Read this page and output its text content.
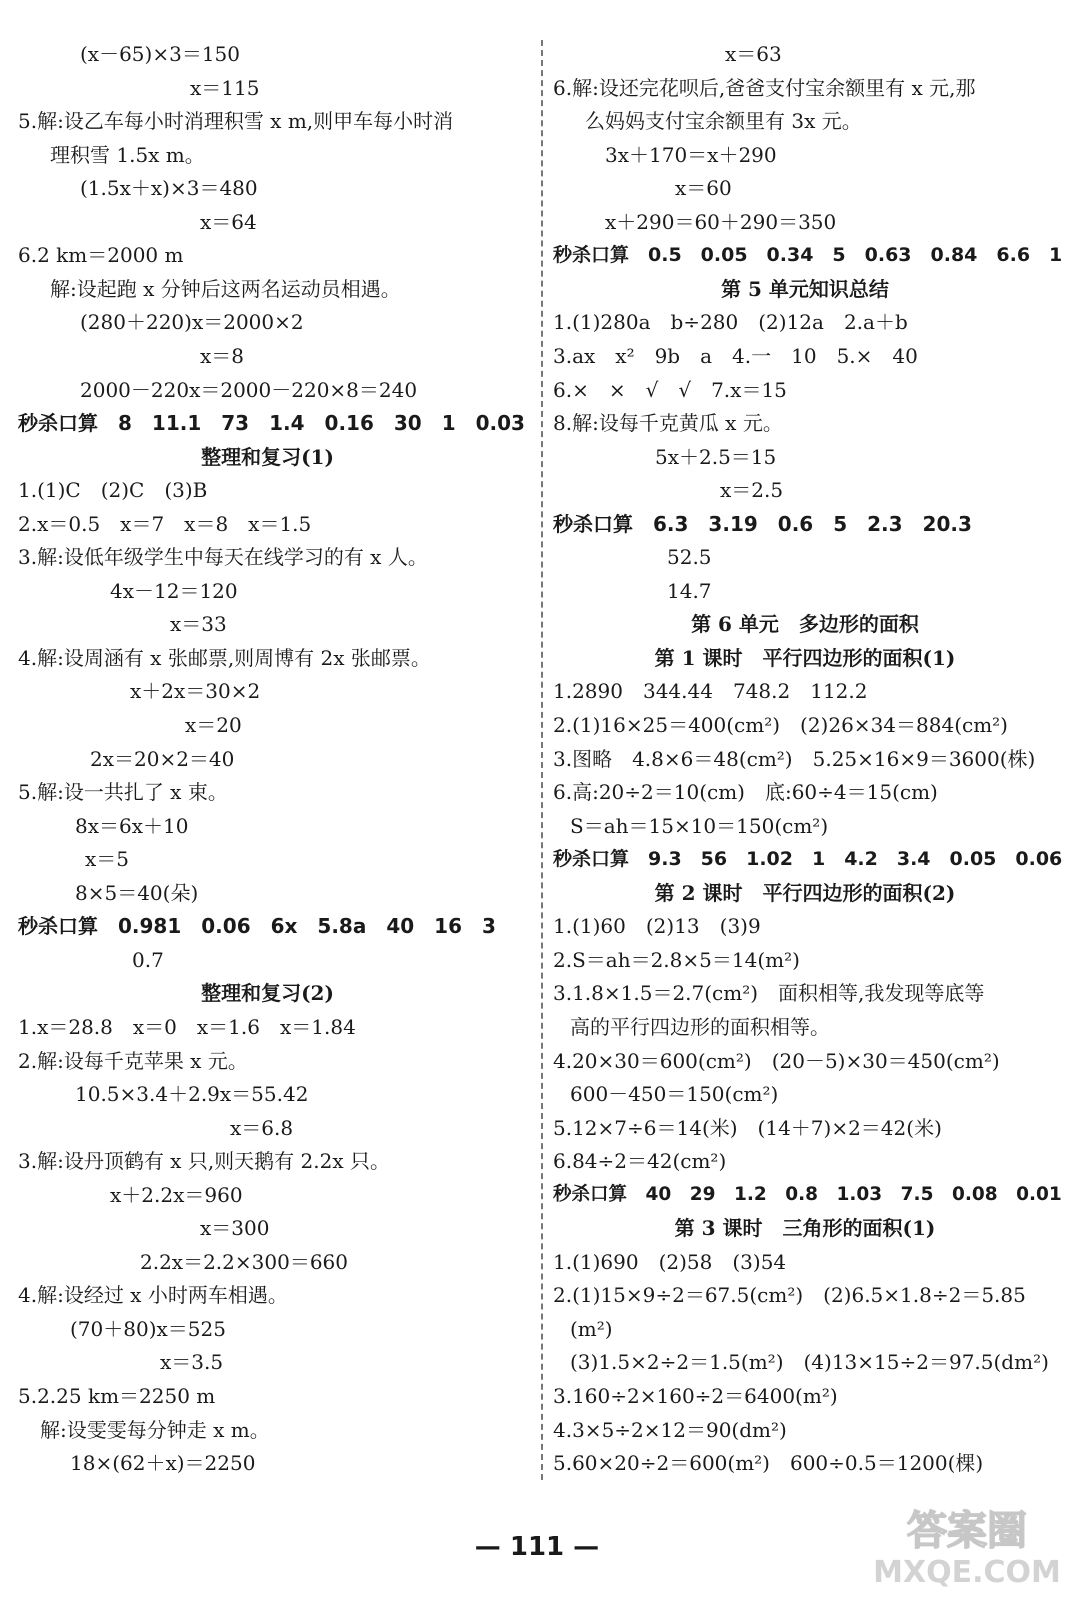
(x－65)×3＝150
x＝115
5.解:设乙车每小时消理积雪 x m,则甲车每小时消
理积雪 1.5x m。
(1.5x＋x)×3＝480
x＝64
6.2 km＝2000 m
解:设起跑 x 分钟后这两名运动员相遇。
(280＋220)x＝2000×2
x＝8
2000－220x＝2000－220×8＝240
秒杀口算　8　11.1　73　1.4　0.16　30　1　0.03
整理和复习(1)
1.(1)C　(2)C　(3)B
2.x＝0.5　x＝7　x＝8　x＝1.5
3.解:设低年级学生中每天在线学习的有 x 人。
4x－12＝120
x＝33
4.解:设周涵有 x 张邮票,则周博有 2x 张邮票。
x＋2x＝30×2
x＝20
2x＝20×2＝40
5.解:设一共扎了 x 束。
8x＝6x＋10
x＝5
8×5＝40(朵)
秒杀口算　0.981　0.06　6x　5.8a　40　16　3
0.7
整理和复习(2)
1.x＝28.8　x＝0　x＝1.6　x＝1.84
2.解:设每千克苹果 x 元。
10.5×3.4＋2.9x＝55.42
x＝6.8
3.解:设丹顶鹤有 x 只,则天鹅有 2.2x 只。
x＋2.2x＝960
x＝300
2.2x＝2.2×300＝660
4.解:设经过 x 小时两车相遇。
(70＋80)x＝525
x＝3.5
5.2.25 km＝2250 m
解:设雯雯每分钟走 x m。
18×(62＋x)＝2250
x＝63
6.解:设还完花呗后,爸爸支付宝余额里有 x 元,那
么妈妈支付宝余额里有 3x 元。
3x＋170＝x＋290
x＝60
x＋290＝60＋290＝350
秒杀口算　0.5　0.05　0.34　5　0.63　0.84　6.6　1
第 5 单元知识总结
1.(1)280a　b÷280　(2)12a　2.a＋b
3.ax　x²　9b　a　4.一　10　5.×　40
6.×　×　√　√　7.x＝15
8.解:设每千克黄瓜 x 元。
5x＋2.5＝15
x＝2.5
秒杀口算　6.3　3.19　0.6　5　2.3　20.3
52.5
14.7
第 6 单元　多边形的面积
第 1 课时　平行四边形的面积(1)
1.2890　344.44　748.2　112.2
2.(1)16×25＝400(cm²)　(2)26×34＝884(cm²)
3.图略　4.8×6＝48(cm²)　5.25×16×9＝3600(株)
6.高:20÷2＝10(cm)　底:60÷4＝15(cm)
S＝ah＝15×10＝150(cm²)
秒杀口算　9.3　56　1.02　1　4.2　3.4　0.05　0.06
第 2 课时　平行四边形的面积(2)
1.(1)60　(2)13　(3)9
2.S＝ah＝2.8×5＝14(m²)
3.1.8×1.5＝2.7(cm²)　面积相等,我发现等底等
高的平行四边形的面积相等。
4.20×30＝600(cm²)　(20－5)×30＝450(cm²)
600－450＝150(cm²)
5.12×7÷6＝14(米)　(14＋7)×2＝42(米)
6.84÷2＝42(cm²)
秒杀口算　40　29　1.2　0.8　1.03　7.5　0.08　0.01
第 3 课时　三角形的面积(1)
1.(1)690　(2)58　(3)54
2.(1)15×9÷2＝67.5(cm²)　(2)6.5×1.8÷2＝5.85
(m²)
(3)1.5×2÷2＝1.5(m²)　(4)13×15÷2＝97.5(dm²)
3.160÷2×160÷2＝6400(m²)
4.3×5÷2×12＝90(dm²)
5.60×20÷2＝600(m²)　600÷0.5＝1200(棵)
— 111 —	答案圈
MXQE.COM
